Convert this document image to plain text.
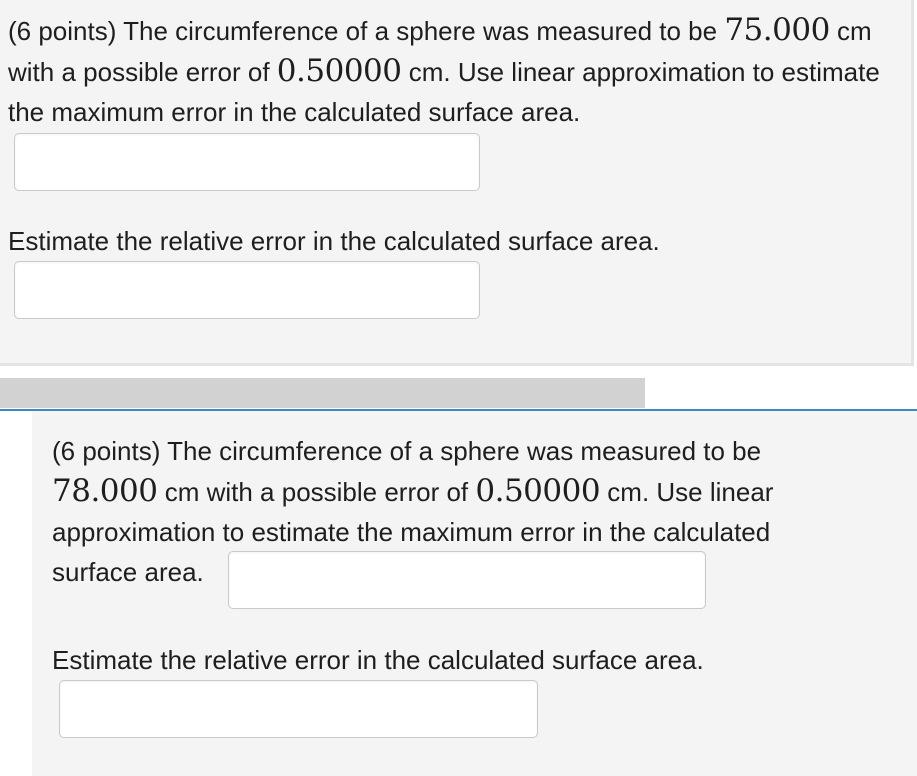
(6 points) The circumference of a sphere was measured to be 75.000 cm with a possible error of 0.50000 cm. Use linear approximation to estimate the maximum error in the calculated surface area.
Estimate the relative error in the calculated surface area.
(6 points) The circumference of a sphere was measured to be 78.000 cm with a possible error of 0.50000 cm. Use linear approximation to estimate the maximum error in the calculated surface area.
Estimate the relative error in the calculated surface area.
